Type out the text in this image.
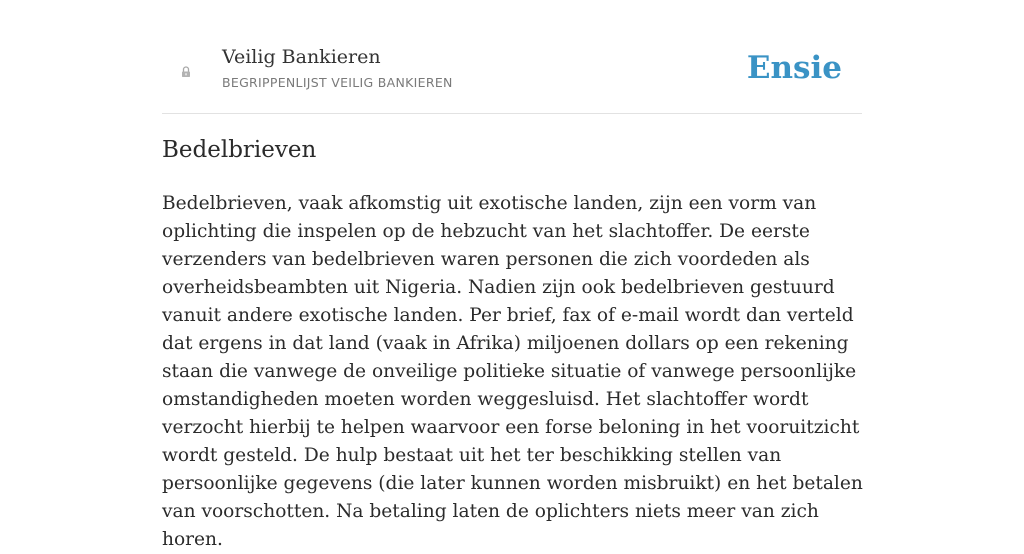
Veilig Bankieren
BEGRIPPENLIJST VEILIG BANKIEREN	Ensie
Bedelbrieven

Bedelbrieven, vaak afkomstig uit exotische landen, zijn een vorm van oplichting die inspelen op de hebzucht van het slachtoffer. De eerste verzenders van bedelbrieven waren personen die zich voordeden als overheidsbeambten uit Nigeria. Nadien zijn ook bedelbrieven gestuurd vanuit andere exotische landen. Per brief, fax of e-mail wordt dan verteld dat ergens in dat land (vaak in Afrika) miljoenen dollars op een rekening staan die vanwege de onveilige politieke situatie of vanwege persoonlijke omstandigheden moeten worden weggesluisd. Het slachtoffer wordt verzocht hierbij te helpen waarvoor een forse beloning in het vooruitzicht wordt gesteld. De hulp bestaat uit het ter beschikking stellen van persoonlijke gegevens (die later kunnen worden misbruikt) en het betalen van voorschotten. Na betaling laten de oplichters niets meer van zich horen.
